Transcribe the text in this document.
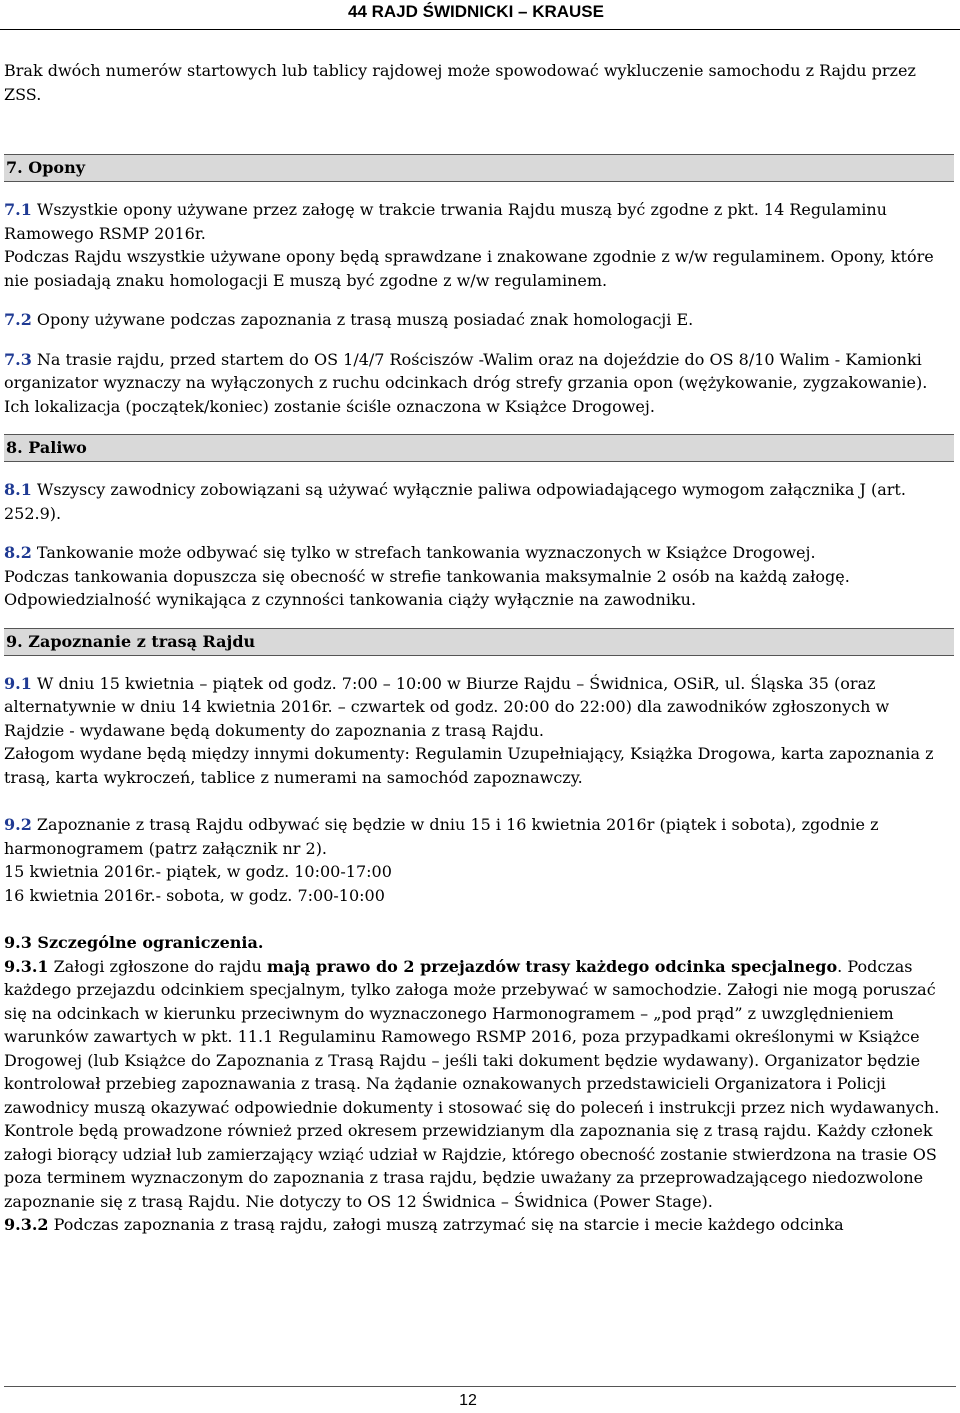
44 RAJD ŚWIDNICKI – KRAUSE

Brak dwóch numerów startowych lub tablicy rajdowej może spowodować wykluczenie samochodu z Rajdu przez ZSS.

7. Opony

7.1 Wszystkie opony używane przez załogę w trakcie trwania Rajdu muszą być zgodne z pkt. 14 Regulaminu Ramowego RSMP 2016r.

Podczas Rajdu wszystkie używane opony będą sprawdzane i znakowane zgodnie z w/w regulaminem. Opony, które nie posiadają znaku homologacji E muszą być zgodne z w/w regulaminem.

7.2 Opony używane podczas zapoznania z trasą muszą posiadać znak homologacji E.

7.3 Na trasie rajdu, przed startem do OS 1/4/7 Rościszów -Walim oraz na dojeździe do OS 8/10 Walim - Kamionki organizator wyznaczy na wyłączonych z ruchu odcinkach dróg strefy grzania opon (wężykowanie, zygzakowanie). Ich lokalizacja (początek/koniec) zostanie ściśle oznaczona w Książce Drogowej.

8. Paliwo

8.1 Wszyscy zawodnicy zobowiązani są używać wyłącznie paliwa odpowiadającego wymogom załącznika J (art. 252.9).

8.2 Tankowanie może odbywać się tylko w strefach tankowania wyznaczonych w Książce Drogowej.

Podczas tankowania dopuszcza się obecność w strefie tankowania maksymalnie 2 osób na każdą załogę.

Odpowiedzialność wynikająca z czynności tankowania ciąży wyłącznie na zawodniku.

9. Zapoznanie z trasą Rajdu

9.1 W dniu 15 kwietnia – piątek od godz. 7:00 – 10:00 w Biurze Rajdu – Świdnica, OSiR, ul. Śląska 35 (oraz alternatywnie w dniu 14 kwietnia 2016r. – czwartek od godz. 20:00 do 22:00) dla zawodników zgłoszonych w Rajdzie - wydawane będą dokumenty do zapoznania z trasą Rajdu.

Załogom wydane będą między innymi dokumenty: Regulamin Uzupełniający, Książka Drogowa, karta zapoznania z trasą, karta wykroczeń, tablice z numerami na samochód zapoznawczy.

9.2 Zapoznanie z trasą Rajdu odbywać się będzie w dniu 15 i 16 kwietnia 2016r (piątek i sobota), zgodnie z harmonogramem (patrz załącznik nr 2).

15 kwietnia 2016r.- piątek, w godz. 10:00-17:00

16 kwietnia 2016r.- sobota, w godz. 7:00-10:00

9.3 Szczególne ograniczenia.

9.3.1 Załogi zgłoszone do rajdu mają prawo do 2 przejazdów trasy każdego odcinka specjalnego. Podczas każdego przejazdu odcinkiem specjalnym, tylko załoga może przebywać w samochodzie. Załogi nie mogą poruszać się na odcinkach w kierunku przeciwnym do wyznaczonego Harmonogramem – „pod prąd” z uwzględnieniem warunków zawartych w pkt. 11.1 Regulaminu Ramowego RSMP 2016, poza przypadkami określonymi w Książce Drogowej (lub Książce do Zapoznania z Trasą Rajdu – jeśli taki dokument będzie wydawany). Organizator będzie kontrolował przebieg zapoznawania z trasą. Na żądanie oznakowanych przedstawicieli Organizatora i Policji zawodnicy muszą okazywać odpowiednie dokumenty i stosować się do poleceń i instrukcji przez nich wydawanych. Kontrole będą prowadzone również przed okresem przewidzianym dla zapoznania się z trasą rajdu. Każdy członek załogi biorący udział lub zamierzający wziąć udział w Rajdzie, którego obecność zostanie stwierdzona na trasie OS poza terminem wyznaczonym do zapoznania z trasa rajdu, będzie uważany za przeprowadzającego niedozwolone zapoznanie się z trasą Rajdu. Nie dotyczy to OS 12 Świdnica – Świdnica (Power Stage).

9.3.2 Podczas zapoznania z trasą rajdu, załogi muszą zatrzymać się na starcie i mecie każdego odcinka

12
